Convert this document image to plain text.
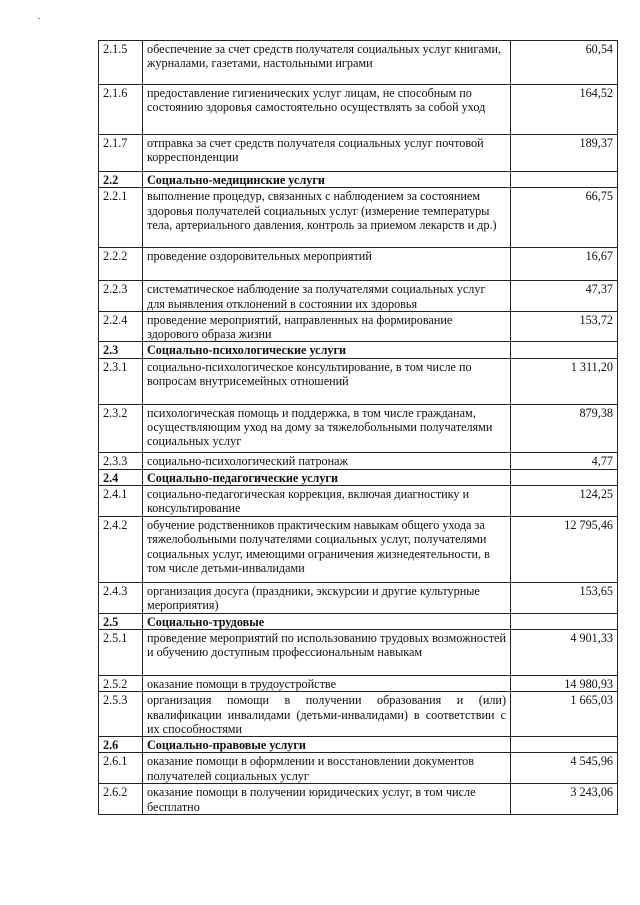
2.1.5	обеспечение за счет средств получателя социальных услуг книгами, журналами, газетами, настольными играми	60,54
2.1.6	предоставление гигиенических услуг лицам, не способным по состоянию здоровья самостоятельно осуществлять за собой уход	164,52
2.1.7	отправка за счет средств получателя социальных услуг почтовой корреспонденции	189,37
2.2	Социально-медицинские услуги	
2.2.1	выполнение процедур, связанных с наблюдением за состоянием здоровья получателей социальных услуг (измерение температуры тела, артериального давления, контроль за приемом лекарств и др.)	66,75
2.2.2	проведение оздоровительных мероприятий	16,67
2.2.3	систематическое наблюдение за получателями социальных услуг для выявления отклонений в состоянии их здоровья	47,37
2.2.4	проведение мероприятий, направленных на формирование здорового образа жизни	153,72
2.3	Социально-психологические услуги	
2.3.1	социально-психологическое консультирование, в том числе по вопросам внутрисемейных отношений	1 311,20
2.3.2	психологическая помощь и поддержка, в том числе гражданам, осуществляющим уход на дому за тяжелобольными получателями социальных услуг	879,38
2.3.3	социально-психологический патронаж	4,77
2.4	Социально-педагогические услуги	
2.4.1	социально-педагогическая коррекция, включая диагностику и консультирование	124,25
2.4.2	обучение родственников практическим навыкам общего ухода за тяжелобольными получателями социальных услуг, получателями социальных услуг, имеющими ограничения жизнедеятельности, в том числе детьми-инвалидами	12 795,46
2.4.3	организация досуга (праздники, экскурсии и другие культурные мероприятия)	153,65
2.5	Социально-трудовые	
2.5.1	проведение мероприятий по использованию трудовых возможностей и обучению доступным профессиональным навыкам	4 901,33
2.5.2	оказание помощи в трудоустройстве	14 980,93
2.5.3	организация помощи в получении образования и (или) квалификации инвалидами (детьми-инвалидами) в соответствии с их способностями	1 665,03
2.6	Социально-правовые услуги	
2.6.1	оказание помощи в оформлении и восстановлении документов получателей социальных услуг	4 545,96
2.6.2	оказание помощи в получении юридических услуг, в том числе бесплатно	3 243,06
